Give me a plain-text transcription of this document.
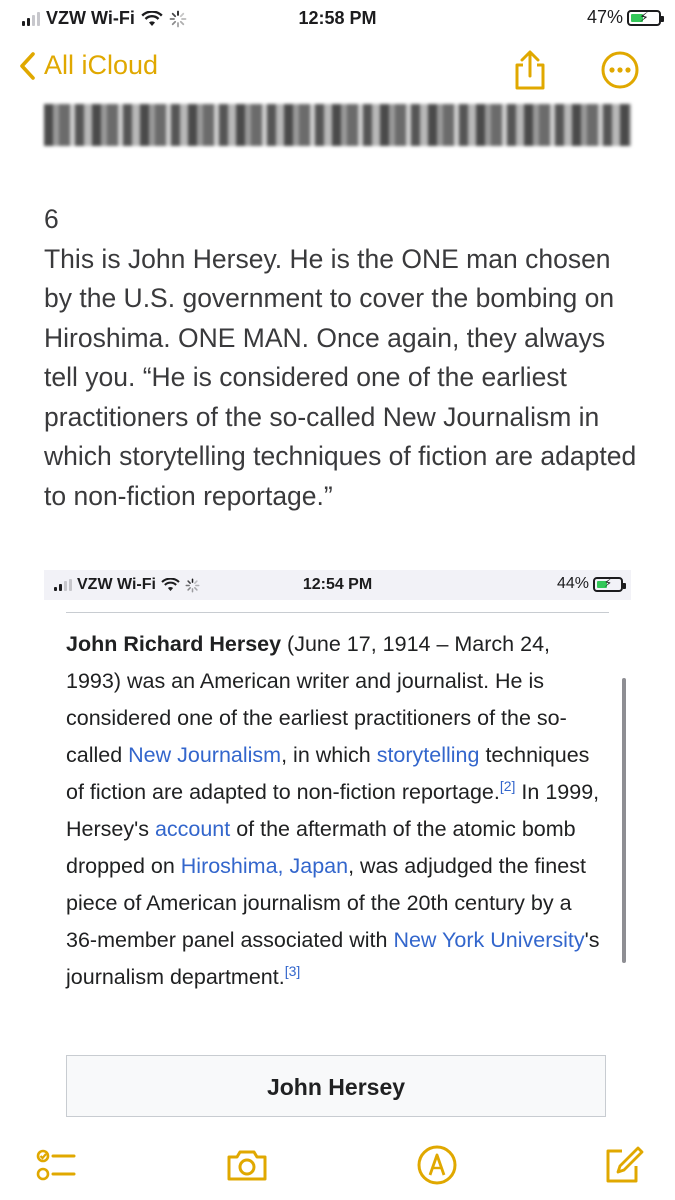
VZW Wi-Fi	12:58 PM	47%	⚡
All iCloud

6

This is John Hersey. He is the ONE man chosen by the U.S. government to cover the bombing on Hiroshima. ONE MAN. Once again, they always tell you. “He is considered one of the earliest practitioners of the so-called New Journalism in which storytelling techniques of fiction are adapted to non-fiction reportage.”

VZW Wi-Fi	12:54 PM	44%	⚡
John Richard Hersey (June 17, 1914 – March 24, 1993) was an American writer and journalist. He is considered one of the earliest practitioners of the so-called New Journalism, in which storytelling techniques of fiction are adapted to non-fiction reportage.[2] In 1999, Hersey's account of the aftermath of the atomic bomb dropped on Hiroshima, Japan, was adjudged the finest piece of American journalism of the 20th century by a 36-member panel associated with New York University's journalism department.[3]
John Hersey
